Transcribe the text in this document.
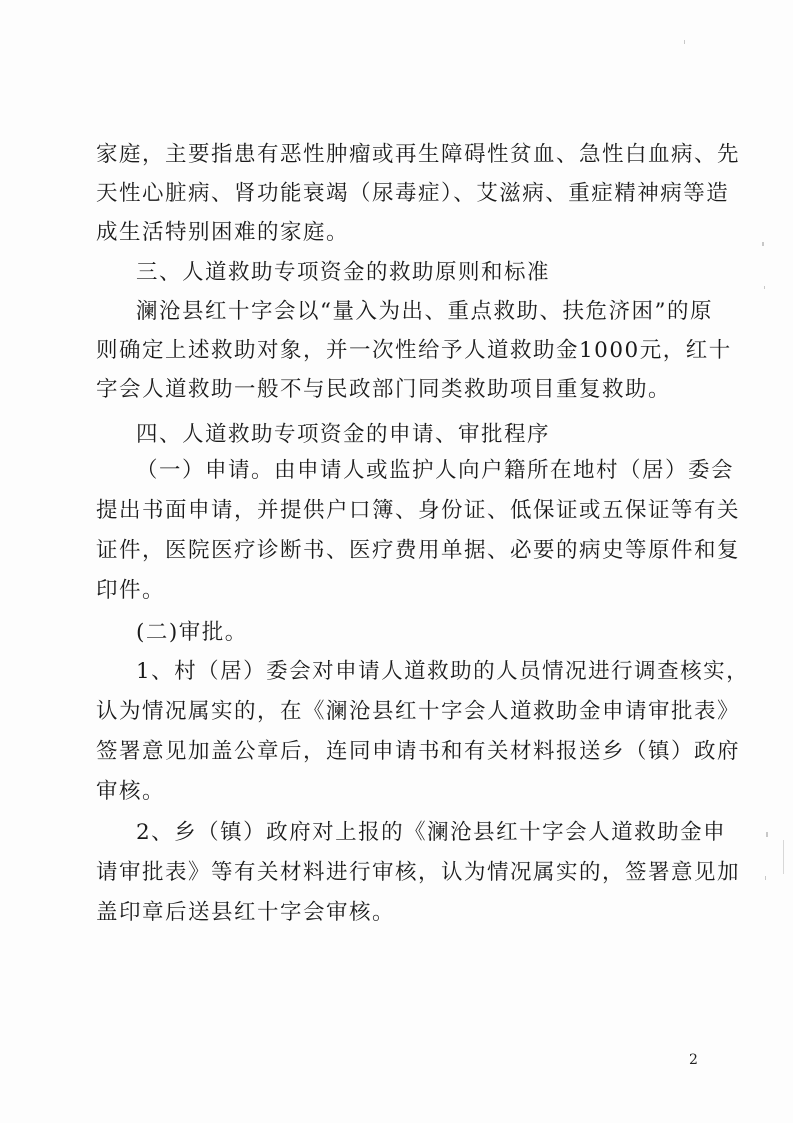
家庭，主要指患有恶性肿瘤或再生障碍性贫血、急性白血病、先
天性心脏病、肾功能衰竭（尿毒症）、艾滋病、重症精神病等造
成生活特别困难的家庭。
三、人道救助专项资金的救助原则和标准
澜沧县红十字会以“量入为出、重点救助、扶危济困”的原
则确定上述救助对象，并一次性给予人道救助金1000元，红十
字会人道救助一般不与民政部门同类救助项目重复救助。
四、人道救助专项资金的申请、审批程序
（一）申请。由申请人或监护人向户籍所在地村（居）委会
提出书面申请，并提供户口簿、身份证、低保证或五保证等有关
证件，医院医疗诊断书、医疗费用单据、必要的病史等原件和复
印件。
(二)审批。
1、村（居）委会对申请人道救助的人员情况进行调查核实，
认为情况属实的，在《澜沧县红十字会人道救助金申请审批表》
签署意见加盖公章后，连同申请书和有关材料报送乡（镇）政府
审核。
2、乡（镇）政府对上报的《澜沧县红十字会人道救助金申
请审批表》等有关材料进行审核，认为情况属实的，签署意见加
盖印章后送县红十字会审核。
2
